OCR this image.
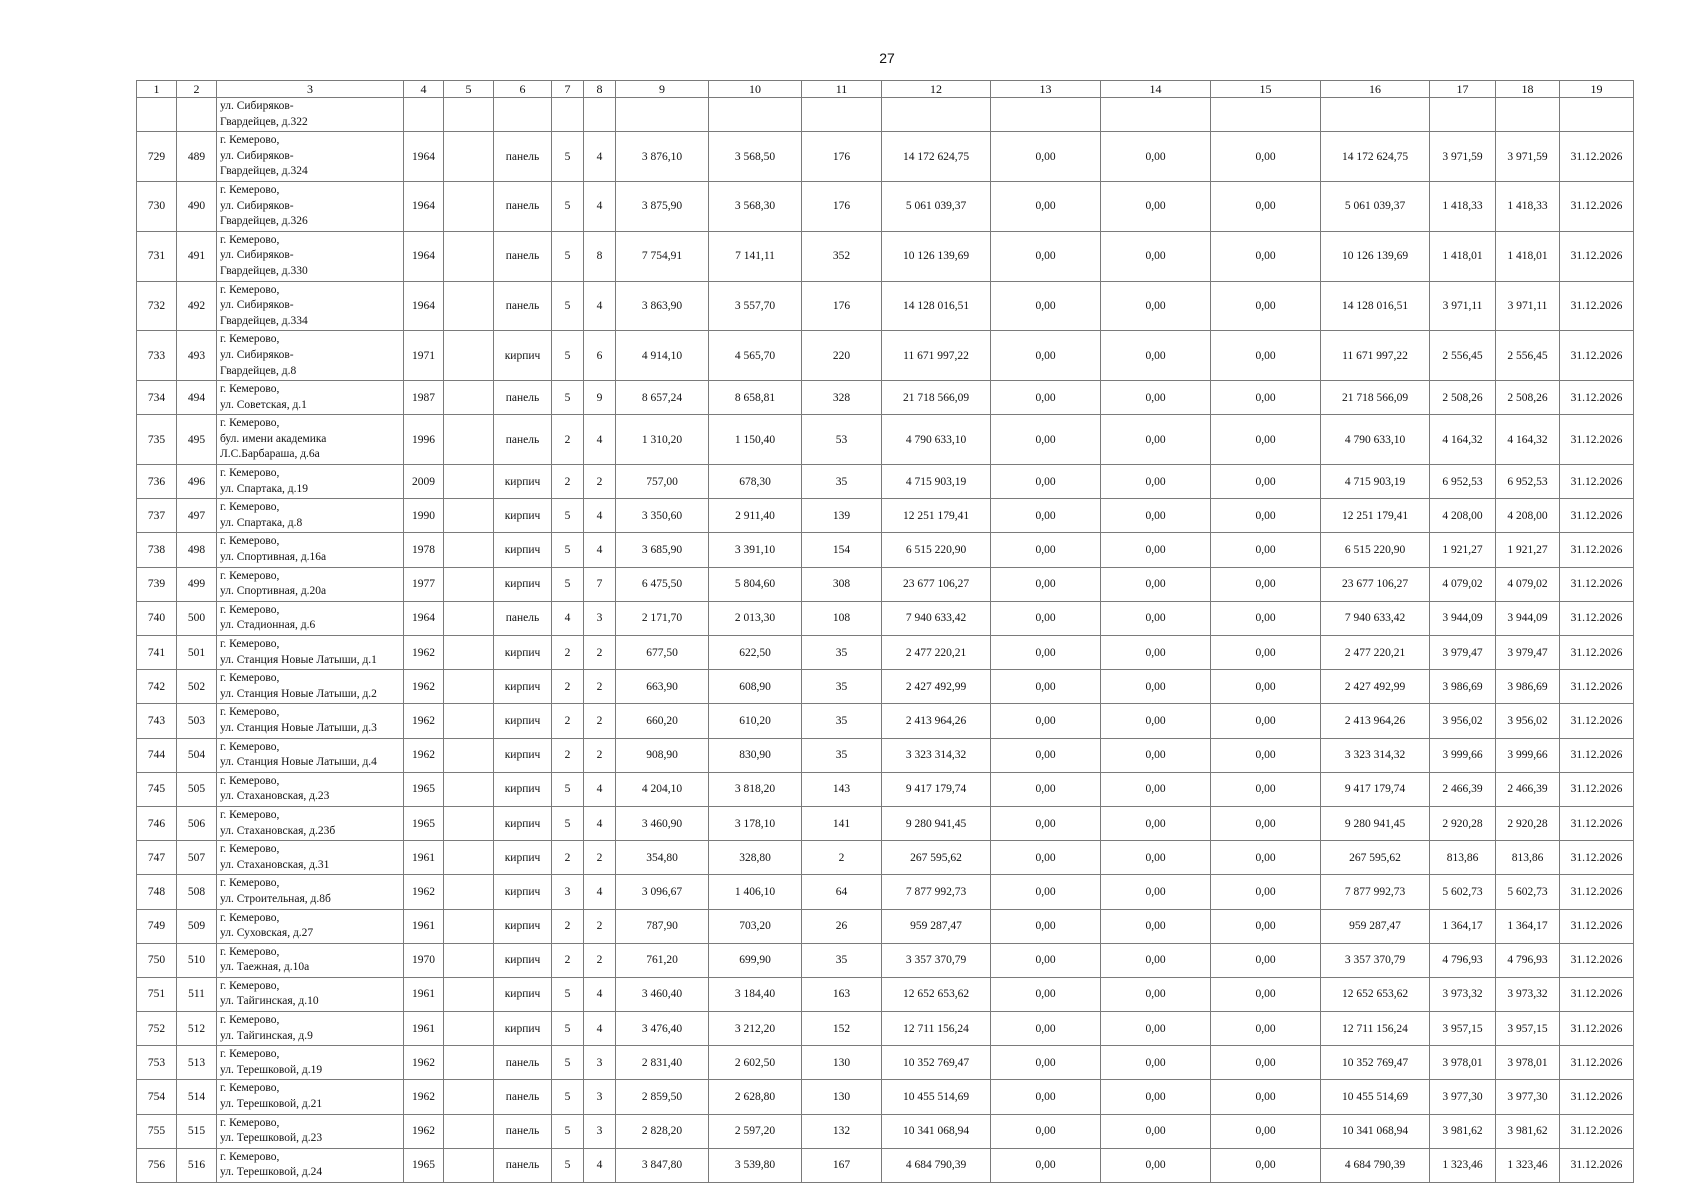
27
1	2	3	4	5	6	7	8	9	10	11	12	13	14	15	16	17	18	19

		ул. Сибиряков-
Гвардейцев, д.322																

729	489	г. Кемерово,
ул. Сибиряков-
Гвардейцев, д.324	1964		панель	5	4	3 876,10	3 568,50	176	14 172 624,75	0,00	0,00	0,00	14 172 624,75	3 971,59	3 971,59	31.12.2026
730	490	г. Кемерово,
ул. Сибиряков-
Гвардейцев, д.326	1964		панель	5	4	3 875,90	3 568,30	176	5 061 039,37	0,00	0,00	0,00	5 061 039,37	1 418,33	1 418,33	31.12.2026
731	491	г. Кемерово,
ул. Сибиряков-
Гвардейцев, д.330	1964		панель	5	8	7 754,91	7 141,11	352	10 126 139,69	0,00	0,00	0,00	10 126 139,69	1 418,01	1 418,01	31.12.2026
732	492	г. Кемерово,
ул. Сибиряков-
Гвардейцев, д.334	1964		панель	5	4	3 863,90	3 557,70	176	14 128 016,51	0,00	0,00	0,00	14 128 016,51	3 971,11	3 971,11	31.12.2026
733	493	г. Кемерово,
ул. Сибиряков-
Гвардейцев, д.8	1971		кирпич	5	6	4 914,10	4 565,70	220	11 671 997,22	0,00	0,00	0,00	11 671 997,22	2 556,45	2 556,45	31.12.2026
734	494	г. Кемерово,
ул. Советская, д.1	1987		панель	5	9	8 657,24	8 658,81	328	21 718 566,09	0,00	0,00	0,00	21 718 566,09	2 508,26	2 508,26	31.12.2026
735	495	г. Кемерово,
бул. имени академика
Л.С.Барбараша, д.6а	1996		панель	2	4	1 310,20	1 150,40	53	4 790 633,10	0,00	0,00	0,00	4 790 633,10	4 164,32	4 164,32	31.12.2026
736	496	г. Кемерово,
ул. Спартака, д.19	2009		кирпич	2	2	757,00	678,30	35	4 715 903,19	0,00	0,00	0,00	4 715 903,19	6 952,53	6 952,53	31.12.2026
737	497	г. Кемерово,
ул. Спартака, д.8	1990		кирпич	5	4	3 350,60	2 911,40	139	12 251 179,41	0,00	0,00	0,00	12 251 179,41	4 208,00	4 208,00	31.12.2026
738	498	г. Кемерово,
ул. Спортивная, д.16а	1978		кирпич	5	4	3 685,90	3 391,10	154	6 515 220,90	0,00	0,00	0,00	6 515 220,90	1 921,27	1 921,27	31.12.2026
739	499	г. Кемерово,
ул. Спортивная, д.20а	1977		кирпич	5	7	6 475,50	5 804,60	308	23 677 106,27	0,00	0,00	0,00	23 677 106,27	4 079,02	4 079,02	31.12.2026
740	500	г. Кемерово,
ул. Стадионная, д.6	1964		панель	4	3	2 171,70	2 013,30	108	7 940 633,42	0,00	0,00	0,00	7 940 633,42	3 944,09	3 944,09	31.12.2026
741	501	г. Кемерово,
ул. Станция Новые Латыши, д.1	1962		кирпич	2	2	677,50	622,50	35	2 477 220,21	0,00	0,00	0,00	2 477 220,21	3 979,47	3 979,47	31.12.2026
742	502	г. Кемерово,
ул. Станция Новые Латыши, д.2	1962		кирпич	2	2	663,90	608,90	35	2 427 492,99	0,00	0,00	0,00	2 427 492,99	3 986,69	3 986,69	31.12.2026
743	503	г. Кемерово,
ул. Станция Новые Латыши, д.3	1962		кирпич	2	2	660,20	610,20	35	2 413 964,26	0,00	0,00	0,00	2 413 964,26	3 956,02	3 956,02	31.12.2026
744	504	г. Кемерово,
ул. Станция Новые Латыши, д.4	1962		кирпич	2	2	908,90	830,90	35	3 323 314,32	0,00	0,00	0,00	3 323 314,32	3 999,66	3 999,66	31.12.2026
745	505	г. Кемерово,
ул. Стахановская, д.23	1965		кирпич	5	4	4 204,10	3 818,20	143	9 417 179,74	0,00	0,00	0,00	9 417 179,74	2 466,39	2 466,39	31.12.2026
746	506	г. Кемерово,
ул. Стахановская, д.23б	1965		кирпич	5	4	3 460,90	3 178,10	141	9 280 941,45	0,00	0,00	0,00	9 280 941,45	2 920,28	2 920,28	31.12.2026
747	507	г. Кемерово,
ул. Стахановская, д.31	1961		кирпич	2	2	354,80	328,80	2	267 595,62	0,00	0,00	0,00	267 595,62	813,86	813,86	31.12.2026
748	508	г. Кемерово,
ул. Строительная, д.8б	1962		кирпич	3	4	3 096,67	1 406,10	64	7 877 992,73	0,00	0,00	0,00	7 877 992,73	5 602,73	5 602,73	31.12.2026
749	509	г. Кемерово,
ул. Суховская, д.27	1961		кирпич	2	2	787,90	703,20	26	959 287,47	0,00	0,00	0,00	959 287,47	1 364,17	1 364,17	31.12.2026
750	510	г. Кемерово,
ул. Таежная, д.10а	1970		кирпич	2	2	761,20	699,90	35	3 357 370,79	0,00	0,00	0,00	3 357 370,79	4 796,93	4 796,93	31.12.2026
751	511	г. Кемерово,
ул. Тайгинская, д.10	1961		кирпич	5	4	3 460,40	3 184,40	163	12 652 653,62	0,00	0,00	0,00	12 652 653,62	3 973,32	3 973,32	31.12.2026
752	512	г. Кемерово,
ул. Тайгинская, д.9	1961		кирпич	5	4	3 476,40	3 212,20	152	12 711 156,24	0,00	0,00	0,00	12 711 156,24	3 957,15	3 957,15	31.12.2026
753	513	г. Кемерово,
ул. Терешковой, д.19	1962		панель	5	3	2 831,40	2 602,50	130	10 352 769,47	0,00	0,00	0,00	10 352 769,47	3 978,01	3 978,01	31.12.2026
754	514	г. Кемерово,
ул. Терешковой, д.21	1962		панель	5	3	2 859,50	2 628,80	130	10 455 514,69	0,00	0,00	0,00	10 455 514,69	3 977,30	3 977,30	31.12.2026
755	515	г. Кемерово,
ул. Терешковой, д.23	1962		панель	5	3	2 828,20	2 597,20	132	10 341 068,94	0,00	0,00	0,00	10 341 068,94	3 981,62	3 981,62	31.12.2026
756	516	г. Кемерово,
ул. Терешковой, д.24	1965		панель	5	4	3 847,80	3 539,80	167	4 684 790,39	0,00	0,00	0,00	4 684 790,39	1 323,46	1 323,46	31.12.2026
